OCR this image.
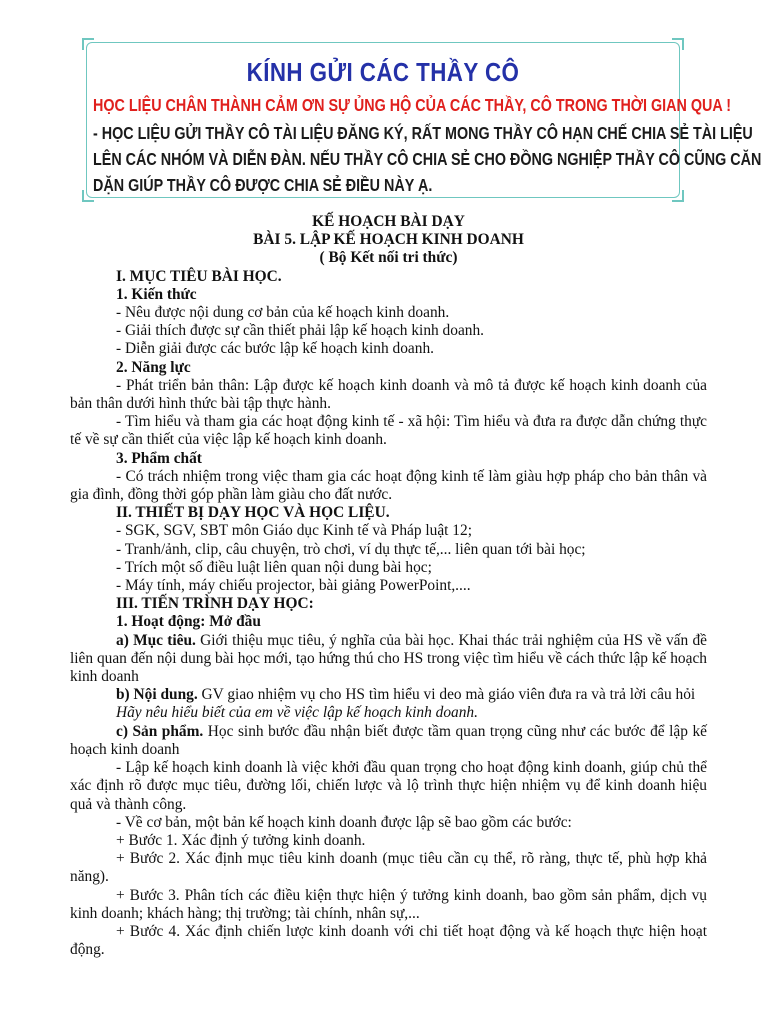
KÍNH GỬI CÁC THẦY CÔ
HỌC LIỆU CHÂN THÀNH CẢM ƠN SỰ ỦNG HỘ CỦA CÁC THẦY, CÔ TRONG THỜI GIAN QUA !
- HỌC LIỆU GỬI THẦY CÔ TÀI LIỆU ĐĂNG KÝ, RẤT MONG THẦY CÔ HẠN CHẾ CHIA SẺ TÀI LIỆU
LÊN CÁC NHÓM VÀ DIỄN ĐÀN. NẾU THẦY CÔ CHIA SẺ CHO ĐỒNG NGHIỆP THẦY CÔ CŨNG CĂN
DẶN GIÚP THẦY CÔ ĐƯỢC CHIA SẺ ĐIỀU NÀY Ạ.

KẾ HOẠCH BÀI DẠY

BÀI 5. LẬP KẾ HOẠCH KINH DOANH

( Bộ Kết nối tri thức)

I. MỤC TIÊU BÀI HỌC.

1. Kiến thức

- Nêu được nội dung cơ bản của kế hoạch kinh doanh.

- Giải thích được sự cần thiết phải lập kế hoạch kinh doanh.

- Diễn giải được các bước lập kế hoạch kinh doanh.

2. Năng lực

- Phát triển bản thân: Lập được kế hoạch kinh doanh và mô tả được kế hoạch kinh doanh của bản thân dưới hình thức bài tập thực hành.

- Tìm hiểu và tham gia các hoạt động kinh tế - xã hội: Tìm hiểu và đưa ra được dẫn chứng thực tế về sự cần thiết của việc lập kế hoạch kinh doanh.

3. Phẩm chất

- Có trách nhiệm trong việc tham gia các hoạt động kinh tế làm giàu hợp pháp cho bản thân và gia đình, đồng thời góp phần làm giàu cho đất nước.

II. THIẾT BỊ DẠY HỌC VÀ HỌC LIỆU.

- SGK, SGV, SBT môn Giáo dục Kinh tế và Pháp luật 12;

- Tranh/ảnh, clip, câu chuyện, trò chơi, ví dụ thực tế,... liên quan tới bài học;

- Trích một số điều luật liên quan nội dung bài học;

- Máy tính, máy chiếu projector, bài giảng PowerPoint,....

III. TIẾN TRÌNH DẠY HỌC:

1. Hoạt động: Mở đầu

a) Mục tiêu. Giới thiệu mục tiêu, ý nghĩa của bài học. Khai thác trải nghiệm của HS về vấn đề liên quan đến nội dung bài học mới, tạo hứng thú cho HS trong việc tìm hiểu về cách thức lập kế hoạch kinh doanh

b) Nội dung. GV giao nhiệm vụ cho HS tìm hiểu vi deo mà giáo viên đưa ra và trả lời câu hỏi

Hãy nêu hiểu biết của em về việc lập kế hoạch kinh doanh.

c) Sản phẩm. Học sinh bước đầu nhận biết được tầm quan trọng cũng như các bước để lập kế hoạch kinh doanh

- Lập kế hoạch kinh doanh là việc khởi đầu quan trọng cho hoạt động kinh doanh, giúp chủ thể xác định rõ được mục tiêu, đường lối, chiến lược và lộ trình thực hiện nhiệm vụ để kinh doanh hiệu quả và thành công.

- Về cơ bản, một bản kế hoạch kinh doanh được lập sẽ bao gồm các bước:

+ Bước 1. Xác định ý tưởng kinh doanh.

+ Bước 2. Xác định mục tiêu kinh doanh (mục tiêu cần cụ thể, rõ ràng, thực tế, phù hợp khả năng).

+ Bước 3. Phân tích các điều kiện thực hiện ý tưởng kinh doanh, bao gồm sản phẩm, dịch vụ kinh doanh; khách hàng; thị trường; tài chính, nhân sự,...

+ Bước 4. Xác định chiến lược kinh doanh với chi tiết hoạt động và kế hoạch thực hiện hoạt động.
